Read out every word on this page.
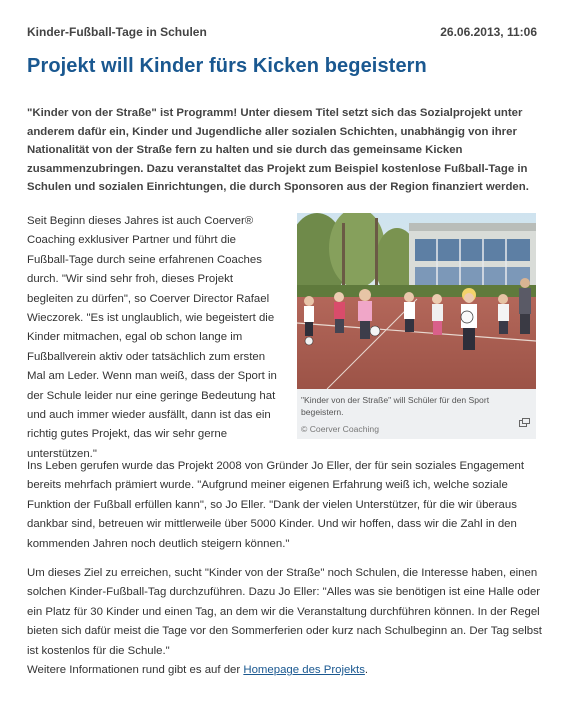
Kinder-Fußball-Tage in Schulen	26.06.2013, 11:06
Projekt will Kinder fürs Kicken begeistern

"Kinder von der Straße" ist Programm! Unter diesem Titel setzt sich das Sozialprojekt unter anderem dafür ein, Kinder und Jugendliche aller sozialen Schichten, unabhängig von ihrer Nationalität von der Straße fern zu halten und sie durch das gemeinsame Kicken zusammenzubringen. Dazu veranstaltet das Projekt zum Beispiel kostenlose Fußball-Tage in Schulen und sozialen Einrichtungen, die durch Sponsoren aus der Region finanziert werden.

Seit Beginn dieses Jahres ist auch Coerver® Coaching exklusiver Partner und führt die Fußball-Tage durch seine erfahrenen Coaches durch. "Wir sind sehr froh, dieses Projekt begleiten zu dürfen", so Coerver Director Rafael Wieczorek. "Es ist unglaublich, wie begeistert die Kinder mitmachen, egal ob schon lange im Fußballverein aktiv oder tatsächlich zum ersten Mal am Leder. Wenn man weiß, dass der Sport in der Schule leider nur eine geringe Bedeutung hat und auch immer wieder ausfällt, dann ist das ein richtig gutes Projekt, das wir sehr gerne unterstützen."

"Kinder von der Straße" will Schüler für den Sport begeistern.
© Coerver Coaching

Ins Leben gerufen wurde das Projekt 2008 von Gründer Jo Eller, der für sein soziales Engagement bereits mehrfach prämiert wurde. "Aufgrund meiner eigenen Erfahrung weiß ich, welche soziale Funktion der Fußball erfüllen kann", so Jo Eller. "Dank der vielen Unterstützer, für die wir überaus dankbar sind, betreuen wir mittlerweile über 5000 Kinder. Und wir hoffen, dass wir die Zahl in den kommenden Jahren noch deutlich steigern können."

Um dieses Ziel zu erreichen, sucht "Kinder von der Straße" noch Schulen, die Interesse haben, einen solchen Kinder-Fußball-Tag durchzuführen. Dazu Jo Eller: "Alles was sie benötigen ist eine Halle oder ein Platz für 30 Kinder und einen Tag, an dem wir die Veranstaltung durchführen können. In der Regel bieten sich dafür meist die Tage vor den Sommerferien oder kurz nach Schulbeginn an. Der Tag selbst ist kostenlos für die Schule."

Weitere Informationen rund gibt es auf der Homepage des Projekts.
